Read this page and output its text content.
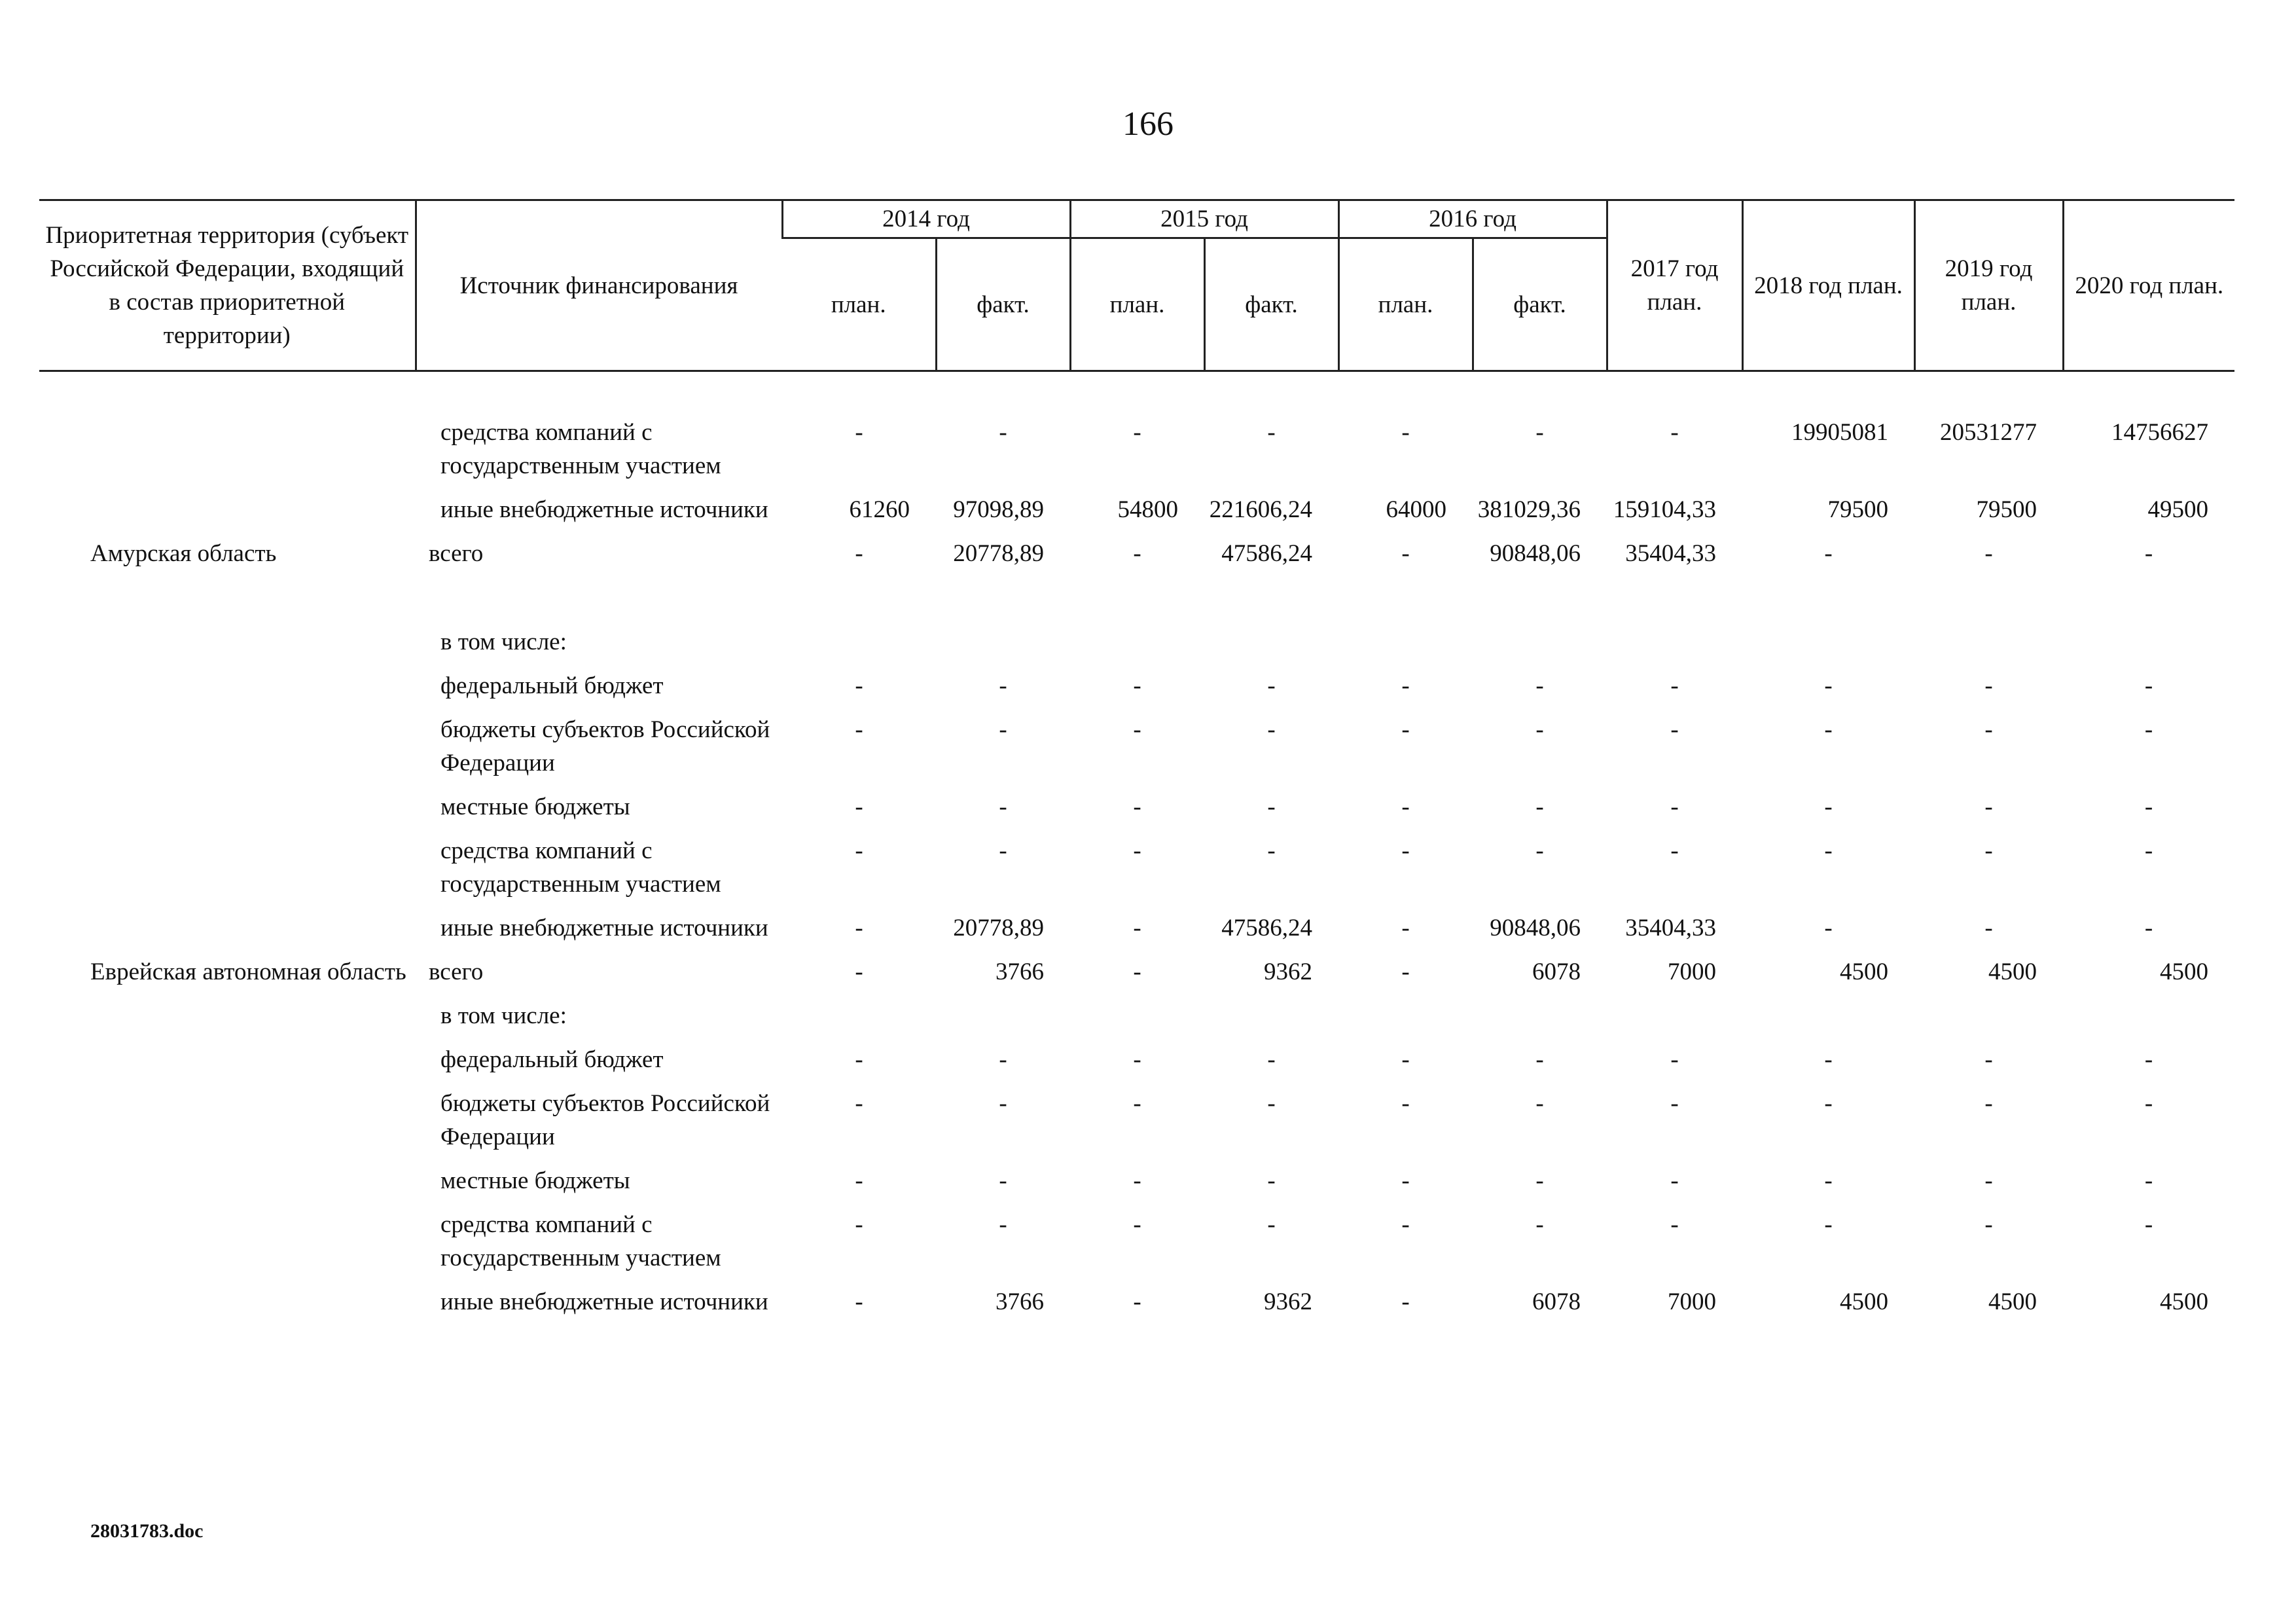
166
Приоритетная территория (субъект Российской Федерации, входящий в состав приоритетной территории)	Источник финансирования	2014 год		2015 год		2016 год		2017 год план.	2018 год план.	2019 год план.	2020 год план.
		план.	факт.	план.	факт.	план.	факт.				

	средства компаний с государственным участием	-	-	-	-	-	-	-	19905081	20531277	14756627
	иные внебюджетные источники	61260	97098,89	54800	221606,24	64000	381029,36	159104,33	79500	79500	49500
Амурская область	всего	-	20778,89	-	47586,24	-	90848,06	35404,33	-	-	-

	в том числе:										
	федеральный бюджет	-	-	-	-	-	-	-	-	-	-
	бюджеты субъектов Российской Федерации	-	-	-	-	-	-	-	-	-	-
	местные бюджеты	-	-	-	-	-	-	-	-	-	-
	средства компаний с государственным участием	-	-	-	-	-	-	-	-	-	-
	иные внебюджетные источники	-	20778,89	-	47586,24	-	90848,06	35404,33	-	-	-
Еврейская автономная область	всего	-	3766	-	9362	-	6078	7000	4500	4500	4500
	в том числе:										
	федеральный бюджет	-	-	-	-	-	-	-	-	-	-
	бюджеты субъектов Российской Федерации	-	-	-	-	-	-	-	-	-	-
	местные бюджеты	-	-	-	-	-	-	-	-	-	-
	средства компаний с государственным участием	-	-	-	-	-	-	-	-	-	-
	иные внебюджетные источники	-	3766	-	9362	-	6078	7000	4500	4500	4500
28031783.doc
